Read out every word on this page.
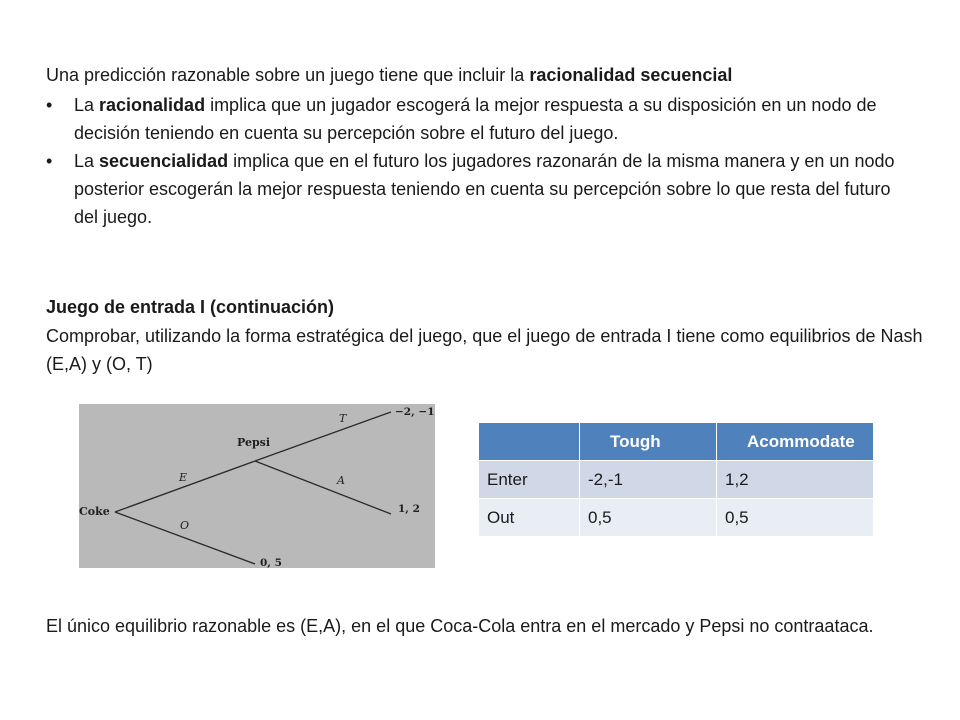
Una predicción razonable sobre un juego tiene que incluir la racionalidad secuencial
• La racionalidad implica que un jugador escogerá la mejor respuesta a su disposición en un nodo de decisión teniendo en cuenta su percepción sobre el futuro del juego.
• La secuencialidad implica que en el futuro los jugadores razonarán de la misma manera y en un nodo posterior escogerán la mejor respuesta teniendo en cuenta su percepción sobre lo que resta del futuro del juego.
Juego de entrada I (continuación)
Comprobar, utilizando la forma estratégica del juego, que el juego de entrada I tiene como equilibrios de Nash (E,A) y (O, T)
Coke
Pepsi
E
O
T
A
−2, −1
1, 2
0, 5
	Tough	Acommodate
Enter	-2,-1	1,2
Out	0,5	0,5
El único equilibrio razonable es (E,A), en el que Coca-Cola entra en el mercado y Pepsi no contraataca.
